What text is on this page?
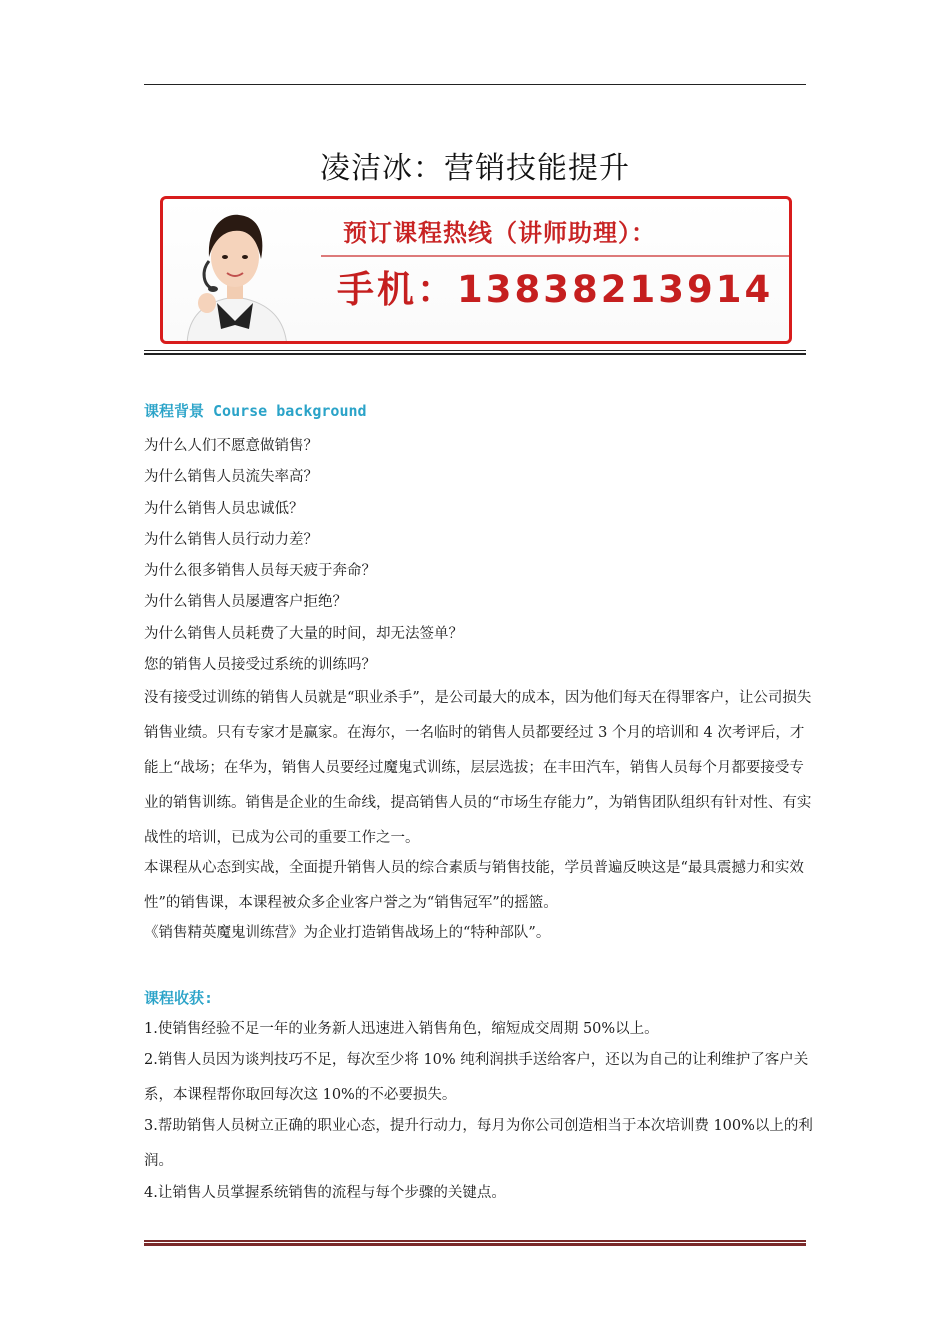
凌洁冰：营销技能提升
预订课程热线（讲师助理）：
手机：13838213914
课程背景 Course background
为什么人们不愿意做销售？
为什么销售人员流失率高？
为什么销售人员忠诚低？
为什么销售人员行动力差？
为什么很多销售人员每天疲于奔命？
为什么销售人员屡遭客户拒绝？
为什么销售人员耗费了大量的时间，却无法签单？
您的销售人员接受过系统的训练吗？
没有接受过训练的销售人员就是“职业杀手”，是公司最大的成本，因为他们每天在得罪客户，让公司损失销售业绩。只有专家才是赢家。在海尔，一名临时的销售人员都要经过 3 个月的培训和 4 次考评后，才能上“战场；在华为，销售人员要经过魔鬼式训练，层层选拔；在丰田汽车，销售人员每个月都要接受专业的销售训练。销售是企业的生命线，提高销售人员的“市场生存能力”，为销售团队组织有针对性、有实战性的培训，已成为公司的重要工作之一。
本课程从心态到实战，全面提升销售人员的综合素质与销售技能，学员普遍反映这是“最具震撼力和实效性”的销售课，本课程被众多企业客户誉之为“销售冠军”的摇篮。
《销售精英魔鬼训练营》为企业打造销售战场上的“特种部队”。
课程收获:
1.使销售经验不足一年的业务新人迅速进入销售角色，缩短成交周期 50%以上。
2.销售人员因为谈判技巧不足，每次至少将 10% 纯利润拱手送给客户，还以为自己的让利维护了客户关系，本课程帮你取回每次这 10%的不必要损失。
3.帮助销售人员树立正确的职业心态，提升行动力，每月为你公司创造相当于本次培训费 100%以上的利润。
4.让销售人员掌握系统销售的流程与每个步骤的关键点。
